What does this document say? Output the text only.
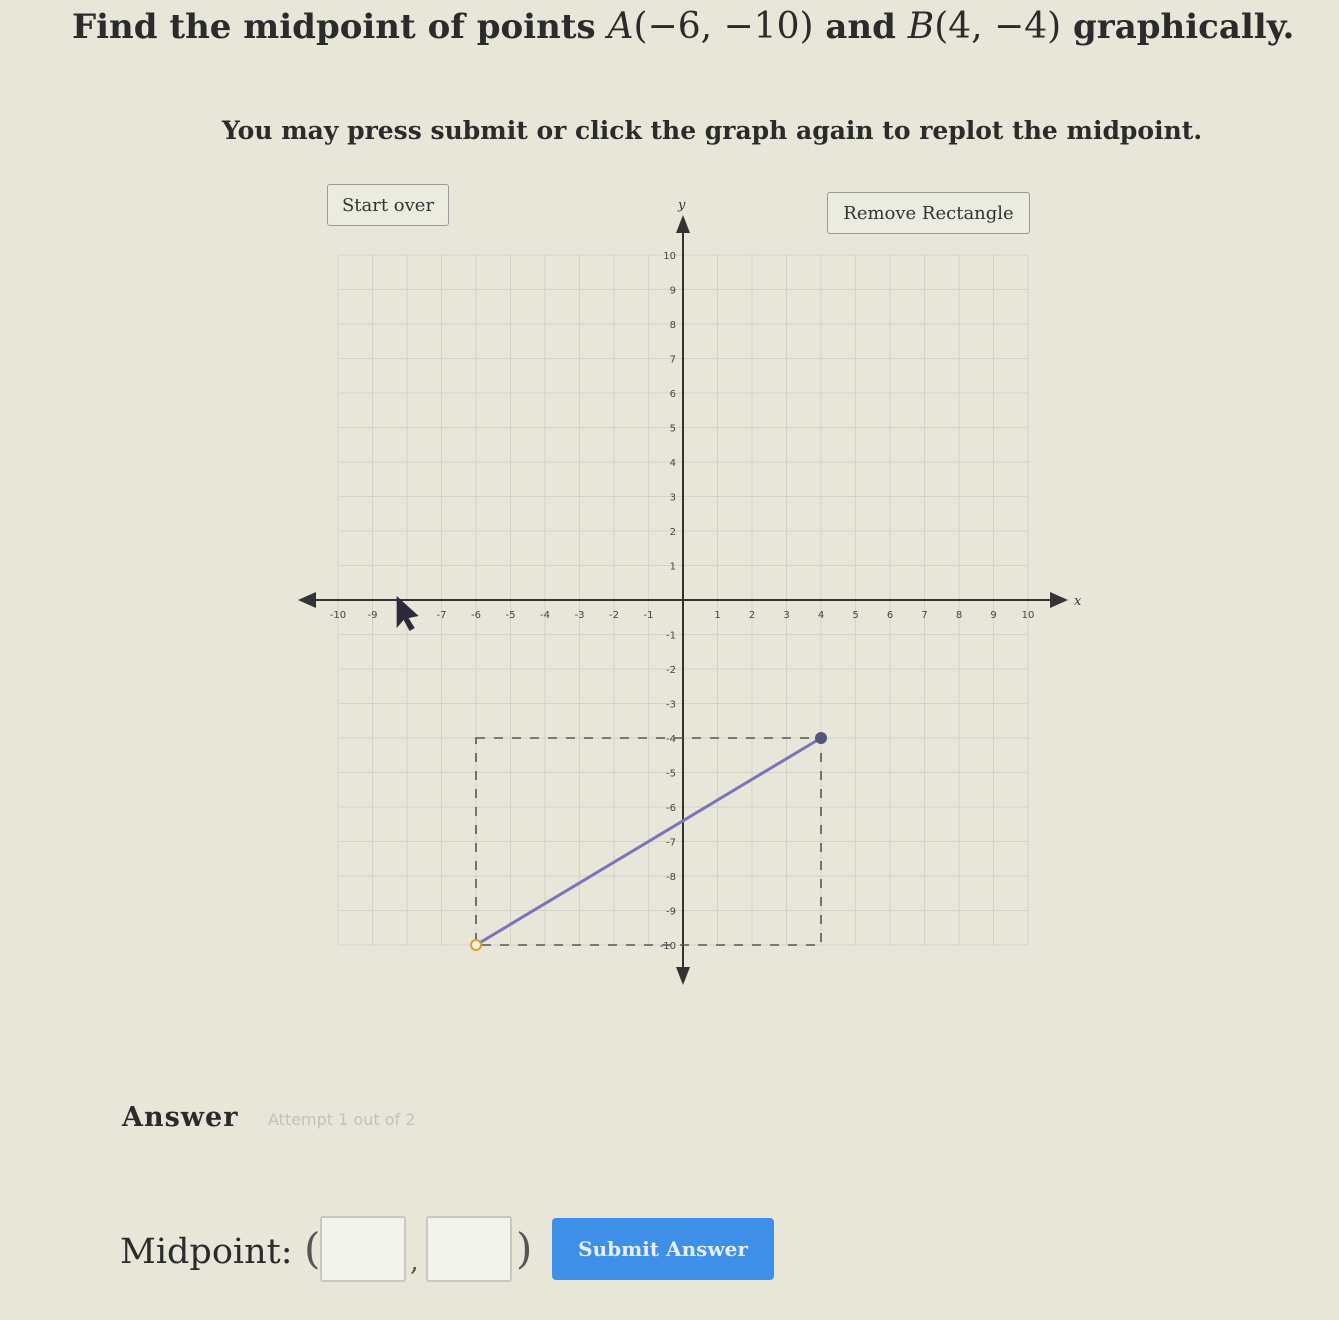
Find the midpoint of points A(−6, −10) and B(4, −4) graphically.

You may press submit or click the graph again to replot the midpoint.

x
y
-10 -9	-7 -6 -5 -4 -3 -2 -1	1	2	3	4	5	6	7	8	9 10
10
9
8
7
6
5
4
3
2
1
-1
-2
-3
-4
-5
-6
-7
-8
-9
-10
Start over	Remove Rectangle
Answer Attempt 1 out of 2
Midpoint: (	, )	Submit Answer
